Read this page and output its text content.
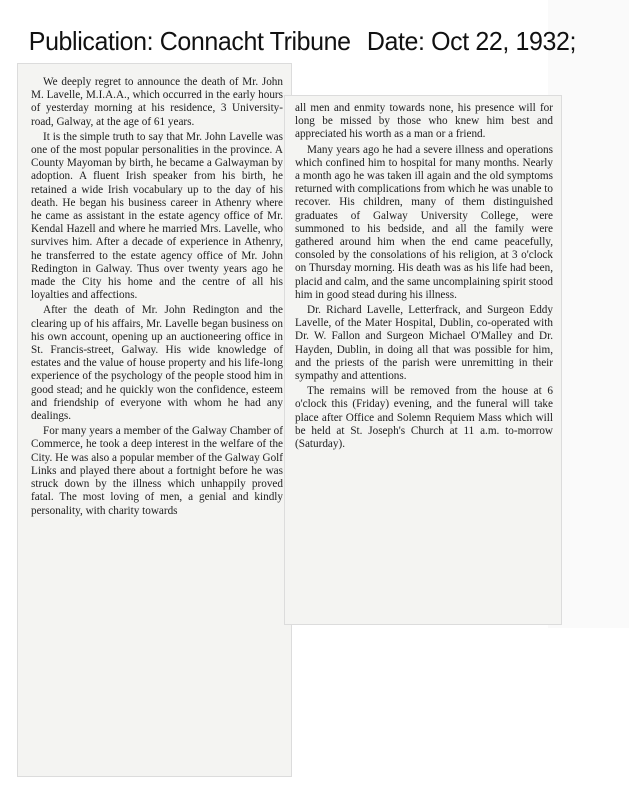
Publication: Connacht Tribune Date: Oct 22, 1932;

We deeply regret to announce the death of Mr. John M. Lavelle, M.I.A.A., which occurred in the early hours of yesterday morning at his residence, 3 University-road, Galway, at the age of 61 years.

It is the simple truth to say that Mr. John Lavelle was one of the most popular personalities in the province. A County Mayoman by birth, he became a Galwayman by adoption. A fluent Irish speaker from his birth, he retained a wide Irish vocabulary up to the day of his death. He began his business career in Athenry where he came as assistant in the estate agency office of Mr. Kendal Hazell and where he married Mrs. Lavelle, who survives him. After a decade of experience in Athenry, he transferred to the estate agency office of Mr. John Redington in Galway. Thus over twenty years ago he made the City his home and the centre of all his loyalties and affections.

After the death of Mr. John Redington and the clearing up of his affairs, Mr. Lavelle began business on his own account, opening up an auctioneering office in St. Francis-street, Galway. His wide knowledge of estates and the value of house property and his life-long experience of the psychology of the people stood him in good stead; and he quickly won the confidence, esteem and friendship of everyone with whom he had any dealings.

For many years a member of the Galway Chamber of Commerce, he took a deep interest in the welfare of the City. He was also a popular member of the Galway Golf Links and played there about a fortnight before he was struck down by the illness which unhappily proved fatal. The most loving of men, a genial and kindly personality, with charity towards

all men and enmity towards none, his presence will for long be missed by those who knew him best and appreciated his worth as a man or a friend.

Many years ago he had a severe illness and operations which confined him to hospital for many months. Nearly a month ago he was taken ill again and the old symptoms returned with complications from which he was unable to recover. His children, many of them distinguished graduates of Galway University College, were summoned to his bedside, and all the family were gathered around him when the end came peacefully, consoled by the consolations of his religion, at 3 o'clock on Thursday morning. His death was as his life had been, placid and calm, and the same uncomplaining spirit stood him in good stead during his illness.

Dr. Richard Lavelle, Letterfrack, and Surgeon Eddy Lavelle, of the Mater Hospital, Dublin, co-operated with Dr. W. Fallon and Surgeon Michael O'Malley and Dr. Hayden, Dublin, in doing all that was possible for him, and the priests of the parish were unremitting in their sympathy and attentions.

The remains will be removed from the house at 6 o'clock this (Friday) evening, and the funeral will take place after Office and Solemn Requiem Mass which will be held at St. Joseph's Church at 11 a.m. to-morrow (Saturday).
